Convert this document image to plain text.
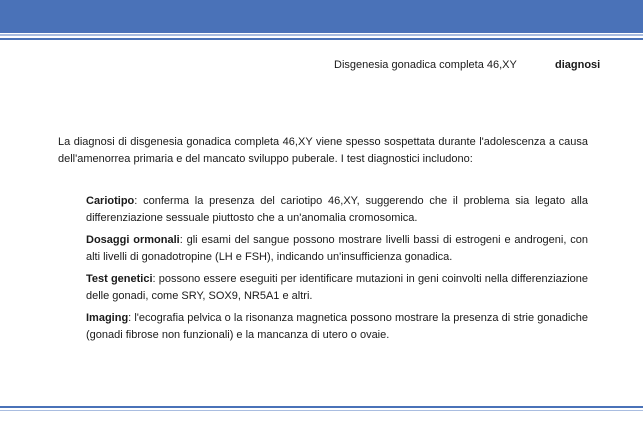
Disgenesia gonadica completa 46,XY	diagnosi

La diagnosi di disgenesia gonadica completa 46,XY viene spesso sospettata durante l'adolescenza a causa dell'amenorrea primaria e del mancato sviluppo puberale. I test diagnostici includono:

Cariotipo: conferma la presenza del cariotipo 46,XY, suggerendo che il problema sia legato alla differenziazione sessuale piuttosto che a un'anomalia cromosomica.
Dosaggi ormonali: gli esami del sangue possono mostrare livelli bassi di estrogeni e androgeni, con alti livelli di gonadotropine (LH e FSH), indicando un'insufficienza gonadica.
Test genetici: possono essere eseguiti per identificare mutazioni in geni coinvolti nella differenziazione delle gonadi, come SRY, SOX9, NR5A1 e altri.
Imaging: l'ecografia pelvica o la risonanza magnetica possono mostrare la presenza di strie gonadiche (gonadi fibrose non funzionali) e la mancanza di utero o ovaie.
